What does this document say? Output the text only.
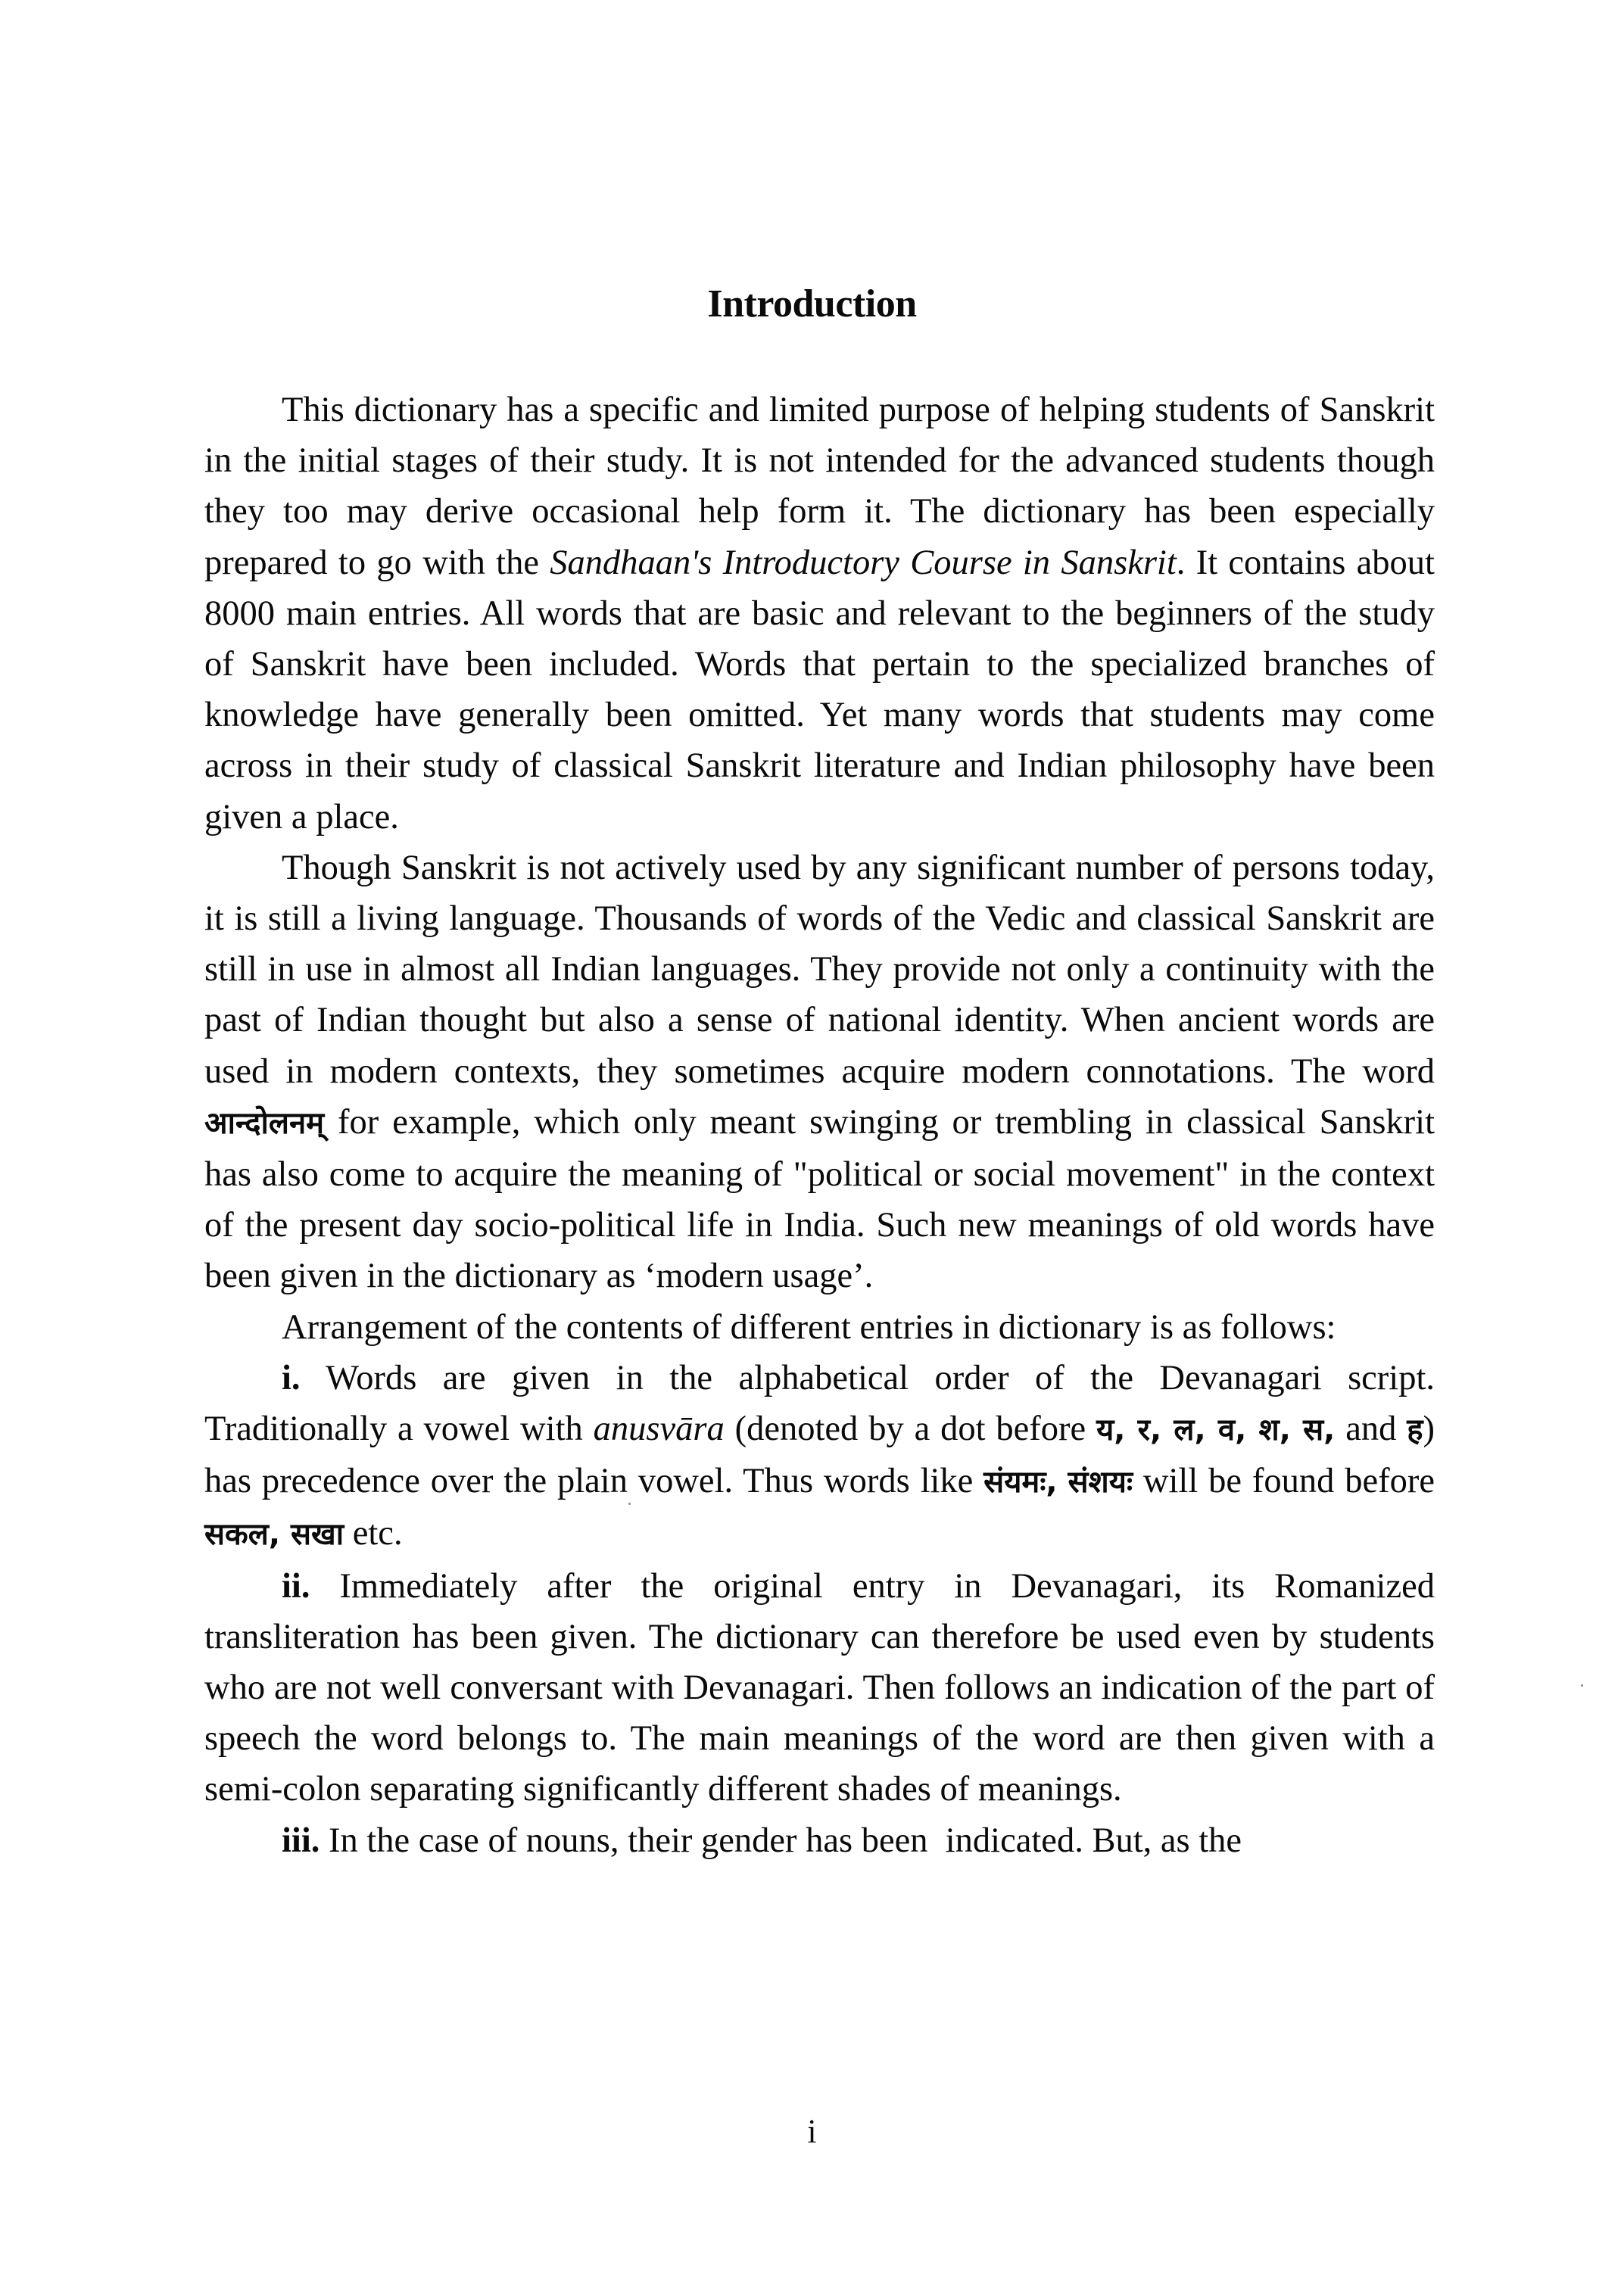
Introduction

This dictionary has a specific and limited purpose of helping students of Sanskrit in the initial stages of their study. It is not intended for the advanced students though they too may derive occasional help form it. The dictionary has been especially prepared to go with the Sandhaan's Introductory Course in Sanskrit. It contains about 8000 main entries. All words that are basic and relevant to the beginners of the study of Sanskrit have been included. Words that pertain to the specialized branches of knowledge have generally been omitted. Yet many words that students may come across in their study of classical Sanskrit literature and Indian philosophy have been given a place.

Though Sanskrit is not actively used by any significant number of persons today, it is still a living language. Thousands of words of the Vedic and classical Sanskrit are still in use in almost all Indian languages. They provide not only a continuity with the past of Indian thought but also a sense of national identity. When ancient words are used in modern contexts, they sometimes acquire modern connotations. The word आन्दोलनम् for example, which only meant swinging or trembling in classical Sanskrit has also come to acquire the meaning of "political or social movement" in the context of the present day socio-political life in India. Such new meanings of old words have been given in the dictionary as ‘modern usage’.

Arrangement of the contents of different entries in dictionary is as follows:

i. Words are given in the alphabetical order of the Devanagari script. Traditionally a vowel with anusvāra (denoted by a dot before य, र, ल, व, श, स, and ह) has precedence over the plain vowel. Thus words like संयमः, संशयः will be found before सकल, सखा etc.

ii. Immediately after the original entry in Devanagari, its Romanized transliteration has been given. The dictionary can therefore be used even by students who are not well conversant with Devanagari. Then follows an indication of the part of speech the word belongs to. The main meanings of the word are then given with a semi-colon separating significantly different shades of meanings.

iii. In the case of nouns, their gender has been  indicated. But, as the

i
